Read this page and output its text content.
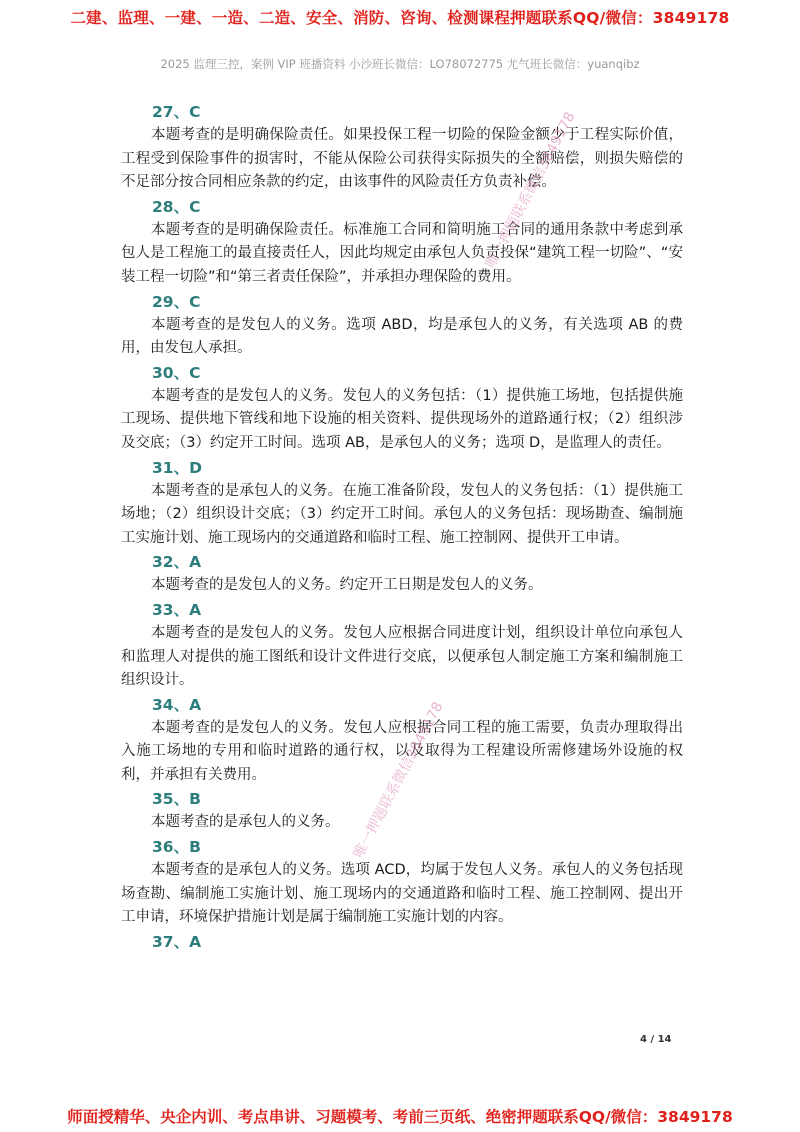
二建、监理、一建、一造、二造、安全、消防、咨询、检测课程押题联系QQ/微信：3849178
2025 监理三控，案例 VIP 班播资料 小沙班长微信：LO78072775 尤气班长微信：yuanqibz
27、C

本题考查的是明确保险责任。如果投保工程一切险的保险金额少于工程实际价值，工程受到保险事件的损害时，不能从保险公司获得实际损失的全额赔偿，则损失赔偿的不足部分按合同相应条款的约定，由该事件的风险责任方负责补偿。

28、C

本题考查的是明确保险责任。标准施工合同和简明施工合同的通用条款中考虑到承包人是工程施工的最直接责任人，因此均规定由承包人负责投保“建筑工程一切险”、“安装工程一切险”和“第三者责任保险”，并承担办理保险的费用。

29、C

本题考查的是发包人的义务。选项 ABD，均是承包人的义务，有关选项 AB 的费用，由发包人承担。

30、C

本题考查的是发包人的义务。发包人的义务包括：（1）提供施工场地，包括提供施工现场、提供地下管线和地下设施的相关资料、提供现场外的道路通行权；（2）组织涉及交底；（3）约定开工时间。选项 AB，是承包人的义务；选项 D，是监理人的责任。

31、D

本题考查的是承包人的义务。在施工准备阶段，发包人的义务包括：（1）提供施工场地；（2）组织设计交底；（3）约定开工时间。承包人的义务包括：现场勘查、编制施工实施计划、施工现场内的交通道路和临时工程、施工控制网、提供开工申请。

32、A

本题考查的是发包人的义务。约定开工日期是发包人的义务。

33、A

本题考查的是发包人的义务。发包人应根据合同进度计划，组织设计单位向承包人和监理人对提供的施工图纸和设计文件进行交底，以便承包人制定施工方案和编制施工组织设计。

34、A

本题考查的是发包人的义务。发包人应根据合同工程的施工需要，负责办理取得出入施工场地的专用和临时道路的通行权，以及取得为工程建设所需修建场外设施的权利，并承担有关费用。

35、B

本题考查的是承包人的义务。

36、B

本题考查的是承包人的义务。选项 ACD，均属于发包人义务。承包人的义务包括现场查勘、编制施工实施计划、施工现场内的交通道路和临时工程、施工控制网、提出开工申请，环境保护措施计划是属于编制施工实施计划的内容。

37、A
唯一押题联系微信3849178
唯一押题联系微信3849178
4 / 14
师面授精华、央企内训、考点串讲、习题模考、考前三页纸、绝密押题联系QQ/微信：3849178
